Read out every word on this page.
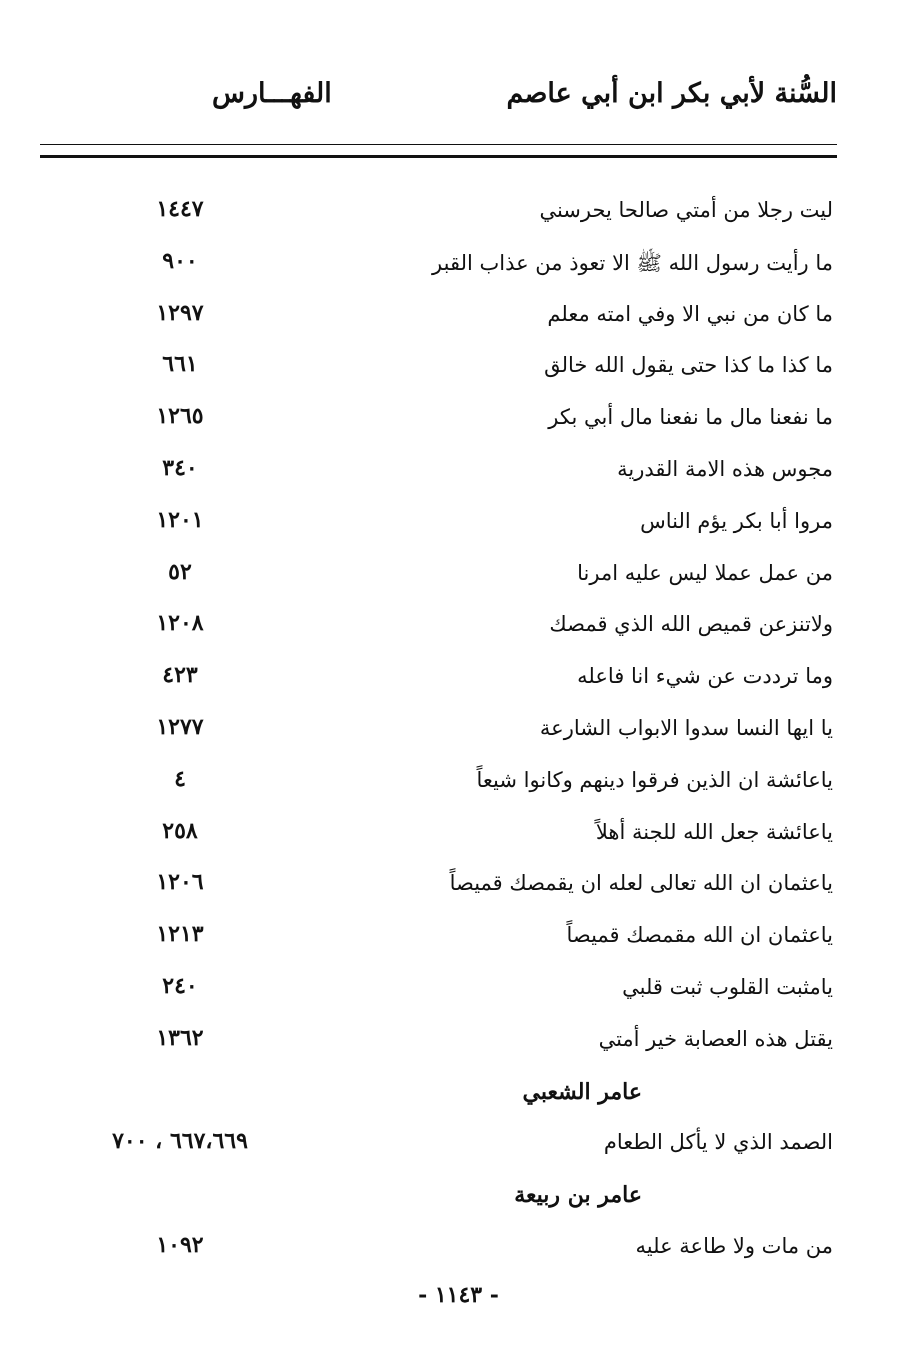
السُّنة لأبي بكر ابن أبي عاصم
الفهـــارس
ليت رجلا من أمتي صالحا يحرسني
١٤٤٧
ما رأيت رسول الله ﷺ الا تعوذ من عذاب القبر
٩٠٠
ما كان من نبي الا وفي امته معلم
١٢٩٧
ما كذا ما كذا حتى يقول الله خالق
٦٦١
ما نفعنا مال ما نفعنا مال أبي بكر
١٢٦٥
مجوس هذه الامة القدرية
٣٤٠
مروا أبا بكر يؤم الناس
١٢٠١
من عمل عملا ليس عليه امرنا
٥٢
ولاتنزعن قميص الله الذي قمصك
١٢٠٨
وما ترددت عن شيء انا فاعله
٤٢٣
يا ايها النسا سدوا الابواب الشارعة
١٢٧٧
ياعائشة ان الذين فرقوا دينهم وكانوا شيعاً
٤
ياعائشة جعل الله للجنة أهلاً
٢٥٨
ياعثمان ان الله تعالى لعله ان يقمصك قميصاً
١٢٠٦
ياعثمان ان الله مقمصك قميصاً
١٢١٣
يامثبت القلوب ثبت قلبي
٢٤٠
يقتل هذه العصابة خير أمتي
١٣٦٢
عامر الشعبي
الصمد الذي لا يأكل الطعام
٦٦٧،٦٦٩ ، ٧٠٠
عامر بن ربيعة
من مات ولا طاعة عليه
١٠٩٢
- ١١٤٣ -
